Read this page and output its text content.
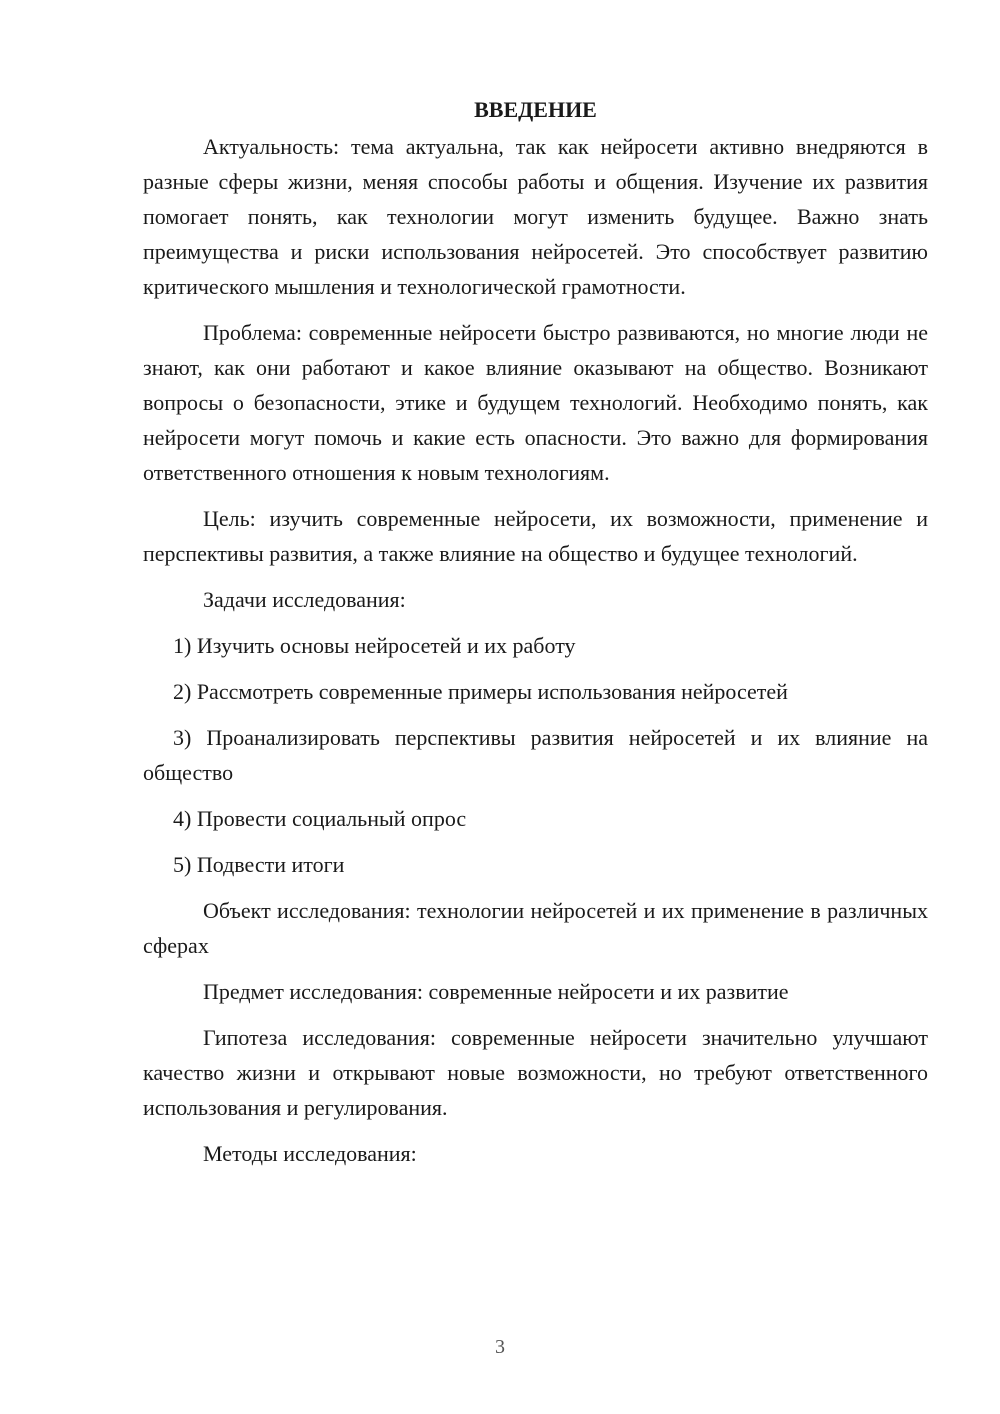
ВВЕДЕНИЕ

Актуальность: тема актуальна, так как нейросети активно внедряются в разные сферы жизни, меняя способы работы и общения. Изучение их развития помогает понять, как технологии могут изменить будущее. Важно знать преимущества и риски использования нейросетей. Это способствует развитию критического мышления и технологической грамотности.

Проблема: современные нейросети быстро развиваются, но многие люди не знают, как они работают и какое влияние оказывают на общество. Возникают вопросы о безопасности, этике и будущем технологий. Необходимо понять, как нейросети могут помочь и какие есть опасности. Это важно для формирования ответственного отношения к новым технологиям.

Цель: изучить современные нейросети, их возможности, применение и перспективы развития, а также влияние на общество и будущее технологий.

Задачи исследования:

1) Изучить основы нейросетей и их работу

2) Рассмотреть современные примеры использования нейросетей

3) Проанализировать перспективы развития нейросетей и их влияние на общество

4) Провести социальный опрос

5) Подвести итоги

Объект исследования: технологии нейросетей и их применение в различных сферах

Предмет исследования: современные нейросети и их развитие

Гипотеза исследования: современные нейросети значительно улучшают качество жизни и открывают новые возможности, но требуют ответственного использования и регулирования.

Методы исследования:

3
